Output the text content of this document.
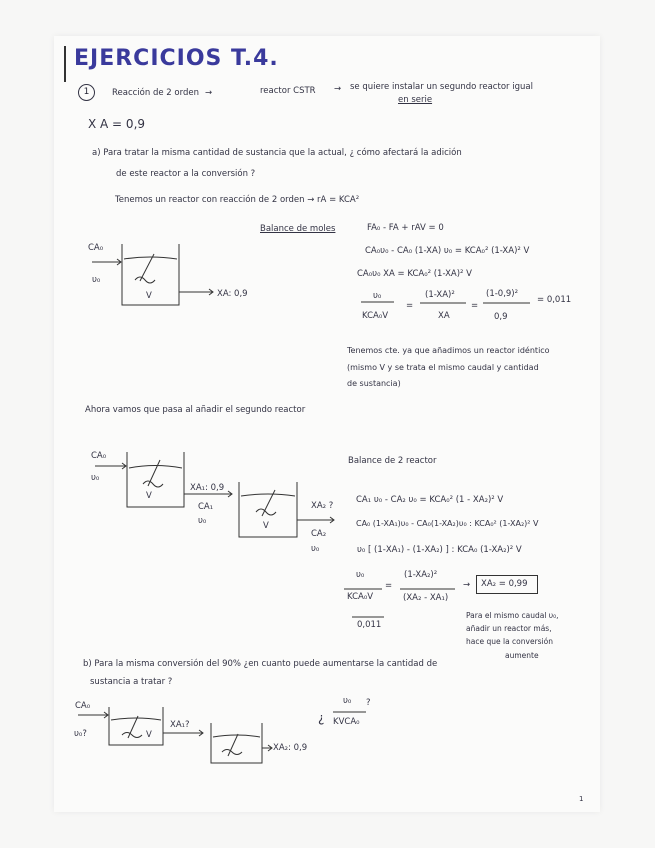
EJERCICIOS T.4.
1	Reacción de 2 orden →	reactor CSTR → se quiere instalar un segundo reactor igual
en serie
X A = 0,9
a) Para tratar la misma cantidad de sustancia que la actual, ¿ cómo afectará la adición
de este reactor a la conversión ?
Tenemos un reactor con reacción de 2 orden → rA = KCA²
Balance de moles	FA₀ - FA + rAV = 0
CA₀υ₀ - CA₀ (1-XA) υ₀ = KCA₀² (1-XA)² V
CA₀υ₀ XA = KCA₀² (1-XA)² V
υ₀
KCA₀V
=
(1-XA)²
XA
=
(1-0,9)²
0,9
= 0,011
Tenemos cte. ya que añadimos un reactor idéntico
(mismo V y se trata el mismo caudal y cantidad
de sustancia)
CA₀
υ₀
V	XA: 0,9
Ahora vamos que pasa al añadir el segundo reactor
CA₀
υ₀
V
XA₁: 0,9
CA₁
υ₀	V
XA₂ ?
CA₂
υ₀
Balance de 2 reactor
CA₁ υ₀ - CA₂ υ₀ = KCA₀² (1 - XA₂)² V
CA₀ (1-XA₁)υ₀ - CA₀(1-XA₂)υ₀ : KCA₀² (1-XA₂)² V
υ₀ [ (1-XA₁) - (1-XA₂) ] : KCA₀ (1-XA₂)² V
υ₀
KCA₀V
=
(1-XA₂)²
(XA₂ - XA₁)
→ XA₂ = 0,99
0,011
Para el mismo caudal υ₀,
añadir un reactor más,
hace que la conversión
aumente
b) Para la misma conversión del 90% ¿en cuanto puede aumentarse la cantidad de
sustancia a tratar ?
CA₀
υ₀?	V
XA₁?
XA₂: 0,9
¿
υ₀
KVCA₀
?
1
